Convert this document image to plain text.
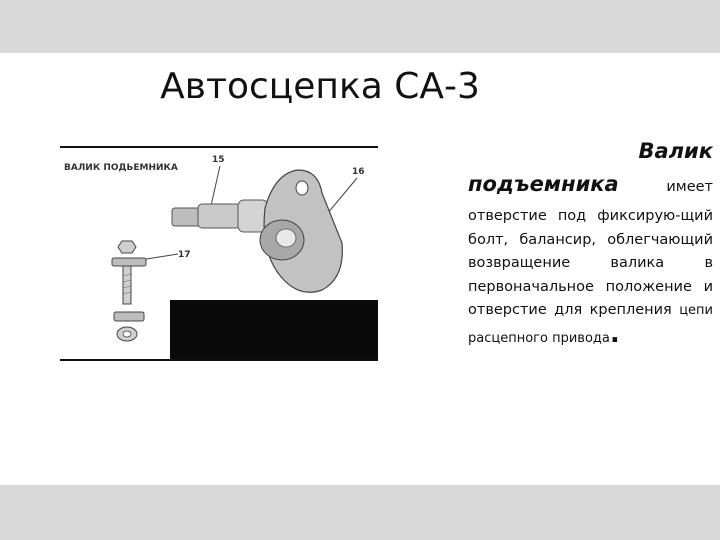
Автосцепка СА-3
ВАЛИК ПОДЬЕМНИКА
15
16
17
Валик
подъемника	имеет отверстие под фиксирую-щий болт, балансир, облегчающий возвращение валика в первоначальное положение и отверстие для крепления цепи расцепного привода.
